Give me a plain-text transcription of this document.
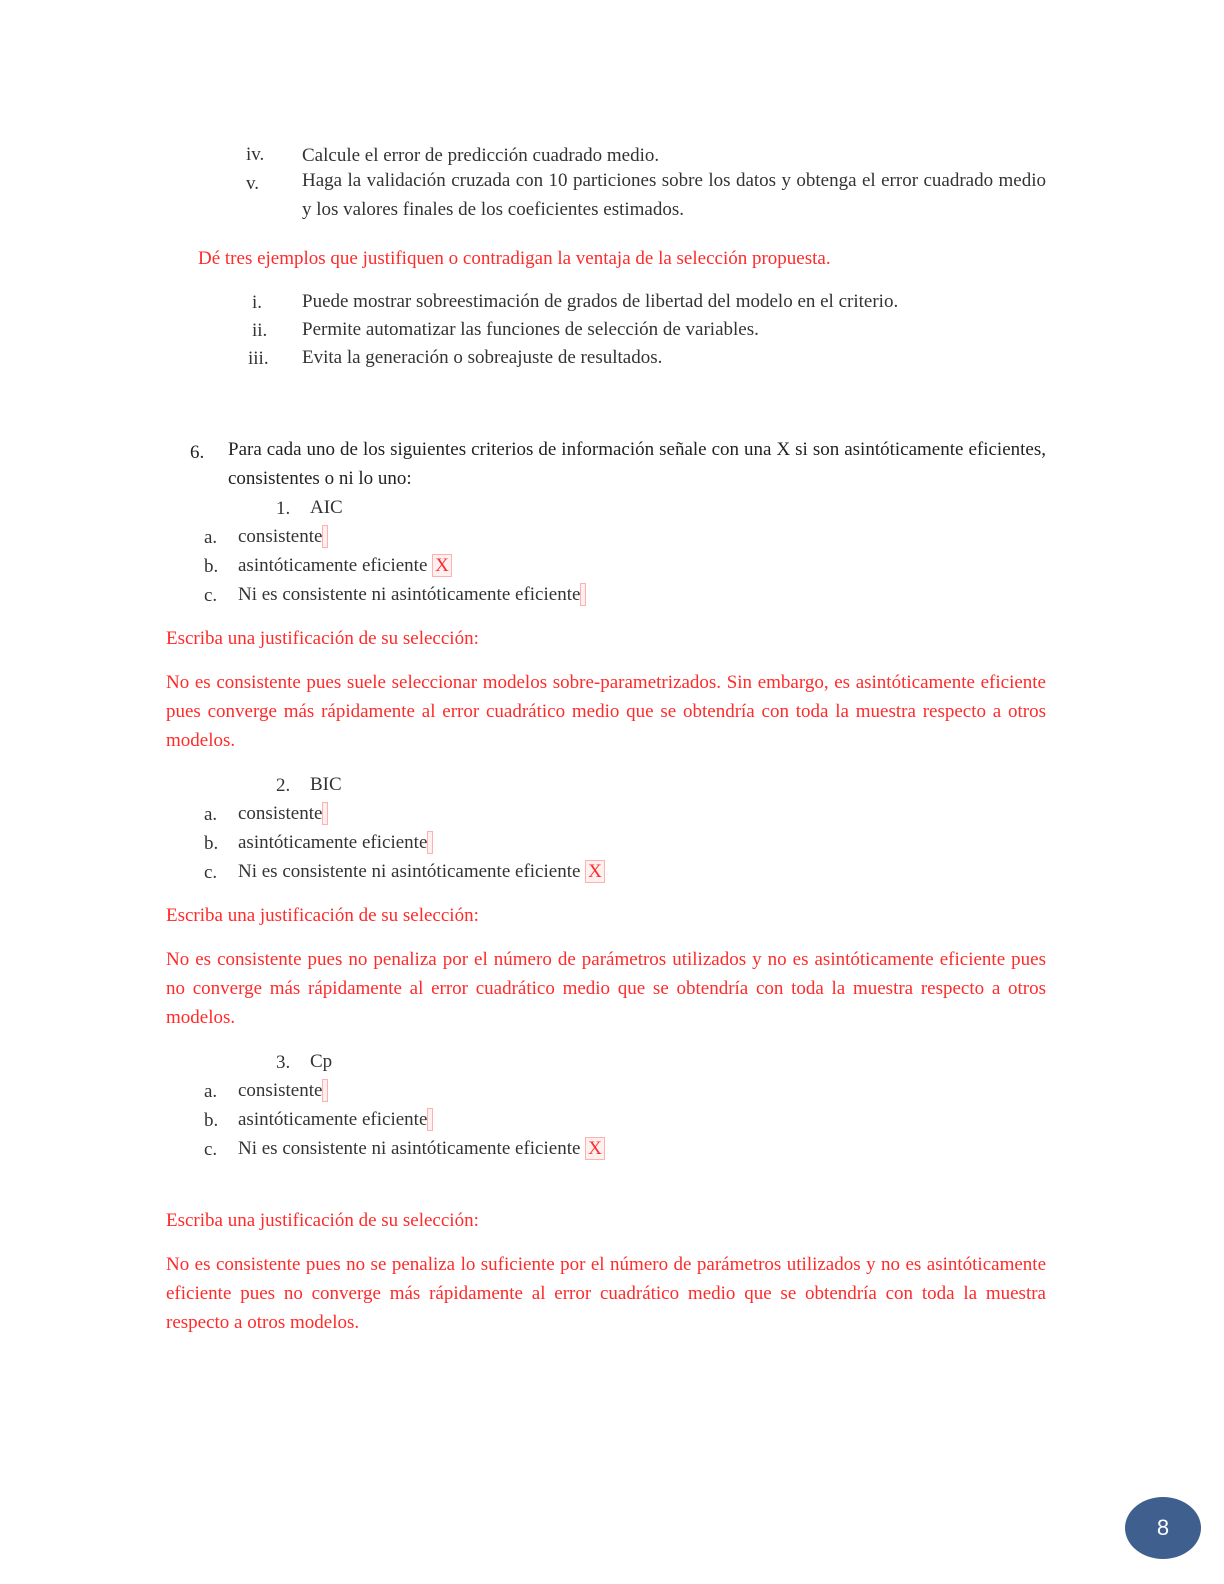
iv. Calcule el error de predicción cuadrado medio.
v. Haga la validación cruzada con 10 particiones sobre los datos y obtenga el error cuadrado medio y los valores finales de los coeficientes estimados.
Dé tres ejemplos que justifiquen o contradigan la ventaja de la selección propuesta.
i. Puede mostrar sobreestimación de grados de libertad del modelo en el criterio.
ii. Permite automatizar las funciones de selección de variables.
iii. Evita la generación o sobreajuste de resultados.
6. Para cada uno de los siguientes criterios de información señale con una X si son asintóticamente eficientes, consistentes o ni lo uno:
1. AIC
a. consistente
b. asintóticamente eficiente X
c. Ni es consistente ni asintóticamente eficiente
Escriba una justificación de su selección:
No es consistente pues suele seleccionar modelos sobre-parametrizados. Sin embargo, es asintóticamente eficiente pues converge más rápidamente al error cuadrático medio que se obtendría con toda la muestra respecto a otros modelos.
2. BIC
a. consistente
b. asintóticamente eficiente
c. Ni es consistente ni asintóticamente eficiente X
Escriba una justificación de su selección:
No es consistente pues no penaliza por el número de parámetros utilizados y no es asintóticamente eficiente pues no converge más rápidamente al error cuadrático medio que se obtendría con toda la muestra respecto a otros modelos.
3. Cp
a. consistente
b. asintóticamente eficiente
c. Ni es consistente ni asintóticamente eficiente X
Escriba una justificación de su selección:
No es consistente pues no se penaliza lo suficiente por el número de parámetros utilizados y no es asintóticamente eficiente pues no converge más rápidamente al error cuadrático medio que se obtendría con toda la muestra respecto a otros modelos.
8
